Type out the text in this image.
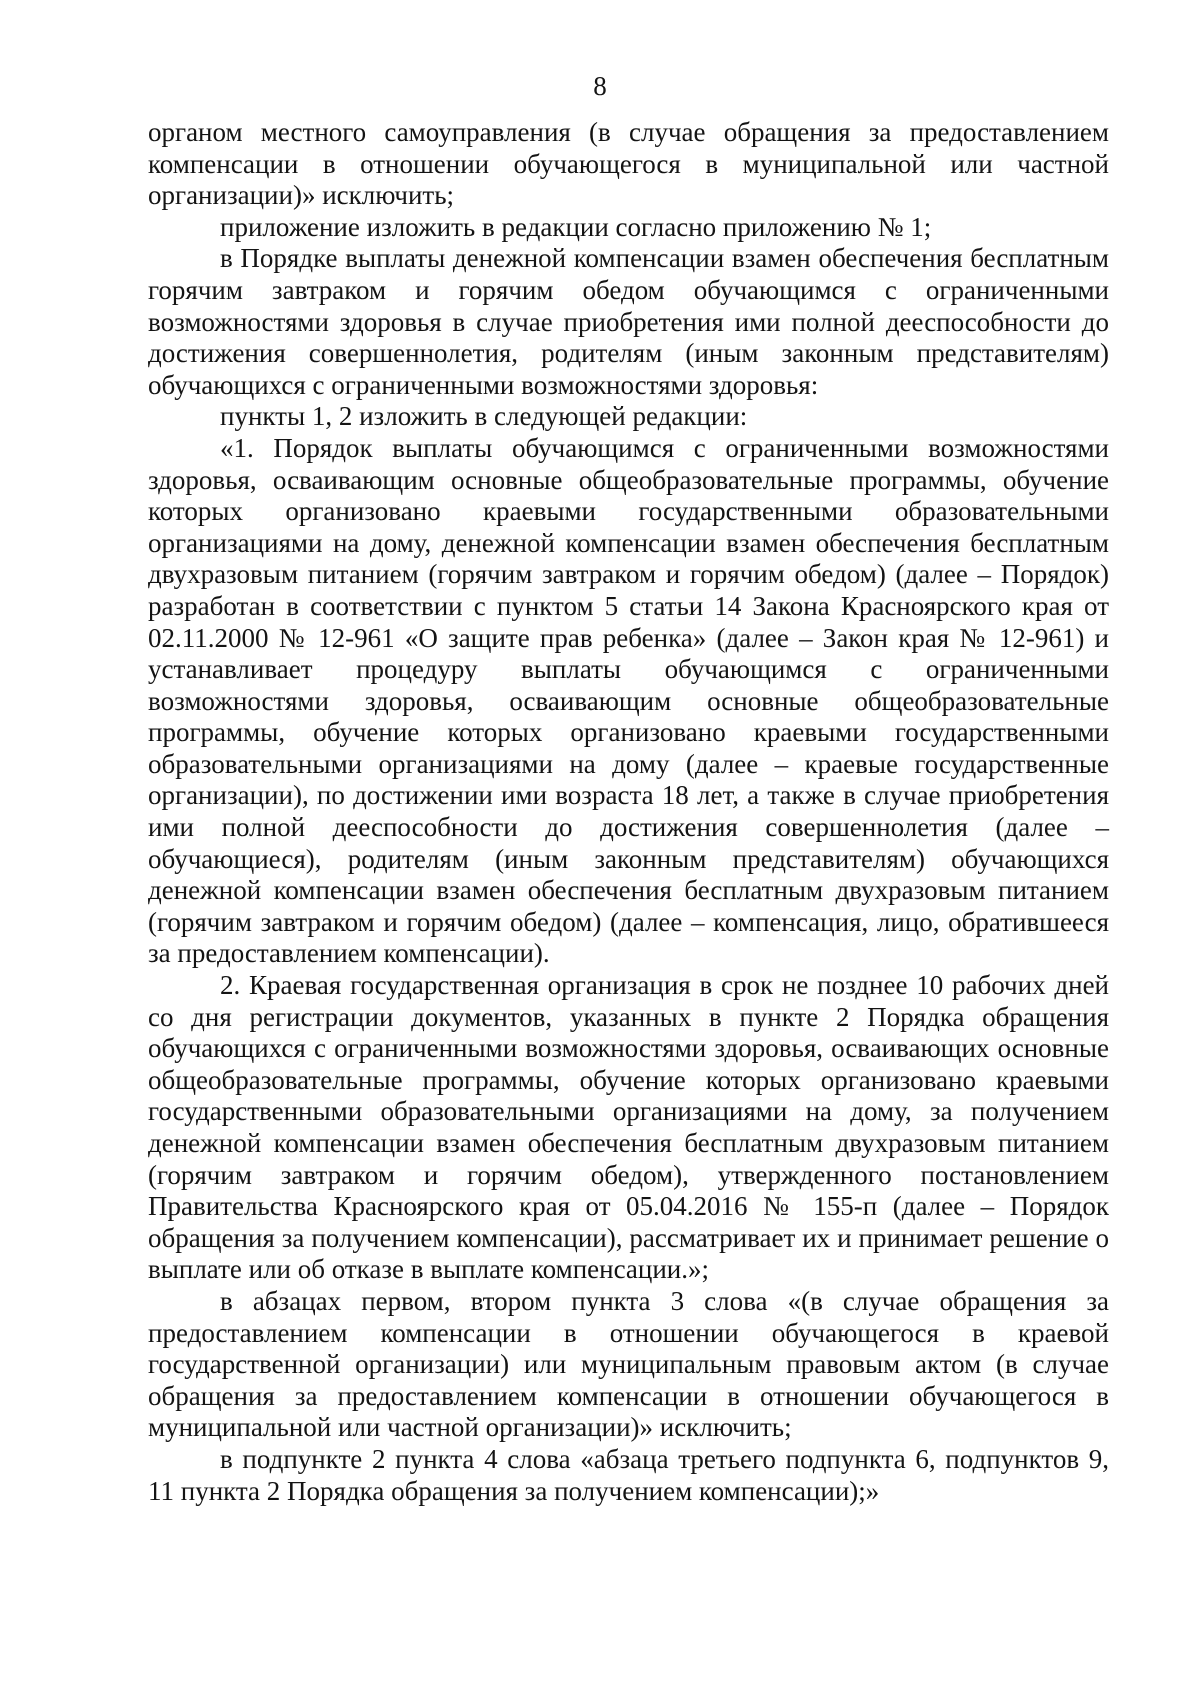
8

органом местного самоуправления (в случае обращения за предоставлением компенсации в отношении обучающегося в муниципальной или частной организации)» исключить;

приложение изложить в редакции согласно приложению № 1;

в Порядке выплаты денежной компенсации взамен обеспечения бесплатным горячим завтраком и горячим обедом обучающимся с ограниченными возможностями здоровья в случае приобретения ими полной дееспособности до достижения совершеннолетия, родителям (иным законным представителям) обучающихся с ограниченными возможностями здоровья:

пункты 1, 2 изложить в следующей редакции:

«1. Порядок выплаты обучающимся с ограниченными возможностями здоровья, осваивающим основные общеобразовательные программы, обучение которых организовано краевыми государственными образовательными организациями на дому, денежной компенсации взамен обеспечения бесплатным двухразовым питанием (горячим завтраком и горячим обедом) (далее – Порядок) разработан в соответствии с пунктом 5 статьи 14 Закона Красноярского края от 02.11.2000 № 12-961 «О защите прав ребенка» (далее – Закон края № 12-961) и устанавливает процедуру выплаты обучающимся с ограниченными возможностями здоровья, осваивающим основные общеобразовательные программы, обучение которых организовано краевыми государственными образовательными организациями на дому (далее – краевые государственные организации), по достижении ими возраста 18 лет, а также в случае приобретения ими полной дееспособности до достижения совершеннолетия (далее – обучающиеся), родителям (иным законным представителям) обучающихся денежной компенсации взамен обеспечения бесплатным двухразовым питанием (горячим завтраком и горячим обедом) (далее – компенсация, лицо, обратившееся за предоставлением компенсации).

2. Краевая государственная организация в срок не позднее 10 рабочих дней со дня регистрации документов, указанных в пункте 2 Порядка обращения обучающихся с ограниченными возможностями здоровья, осваивающих основные общеобразовательные программы, обучение которых организовано краевыми государственными образовательными организациями на дому, за получением денежной компенсации взамен обеспечения бесплатным двухразовым питанием (горячим завтраком и горячим обедом), утвержденного постановлением Правительства Красноярского края от 05.04.2016 № 155-п (далее – Порядок обращения за получением компенсации), рассматривает их и принимает решение о выплате или об отказе в выплате компенсации.»;

в абзацах первом, втором пункта 3 слова «(в случае обращения за предоставлением компенсации в отношении обучающегося в краевой государственной организации) или муниципальным правовым актом (в случае обращения за предоставлением компенсации в отношении обучающегося в муниципальной или частной организации)» исключить;

в подпункте 2 пункта 4 слова «абзаца третьего подпункта 6, подпунктов 9, 11 пункта 2 Порядка обращения за получением компенсации);»
